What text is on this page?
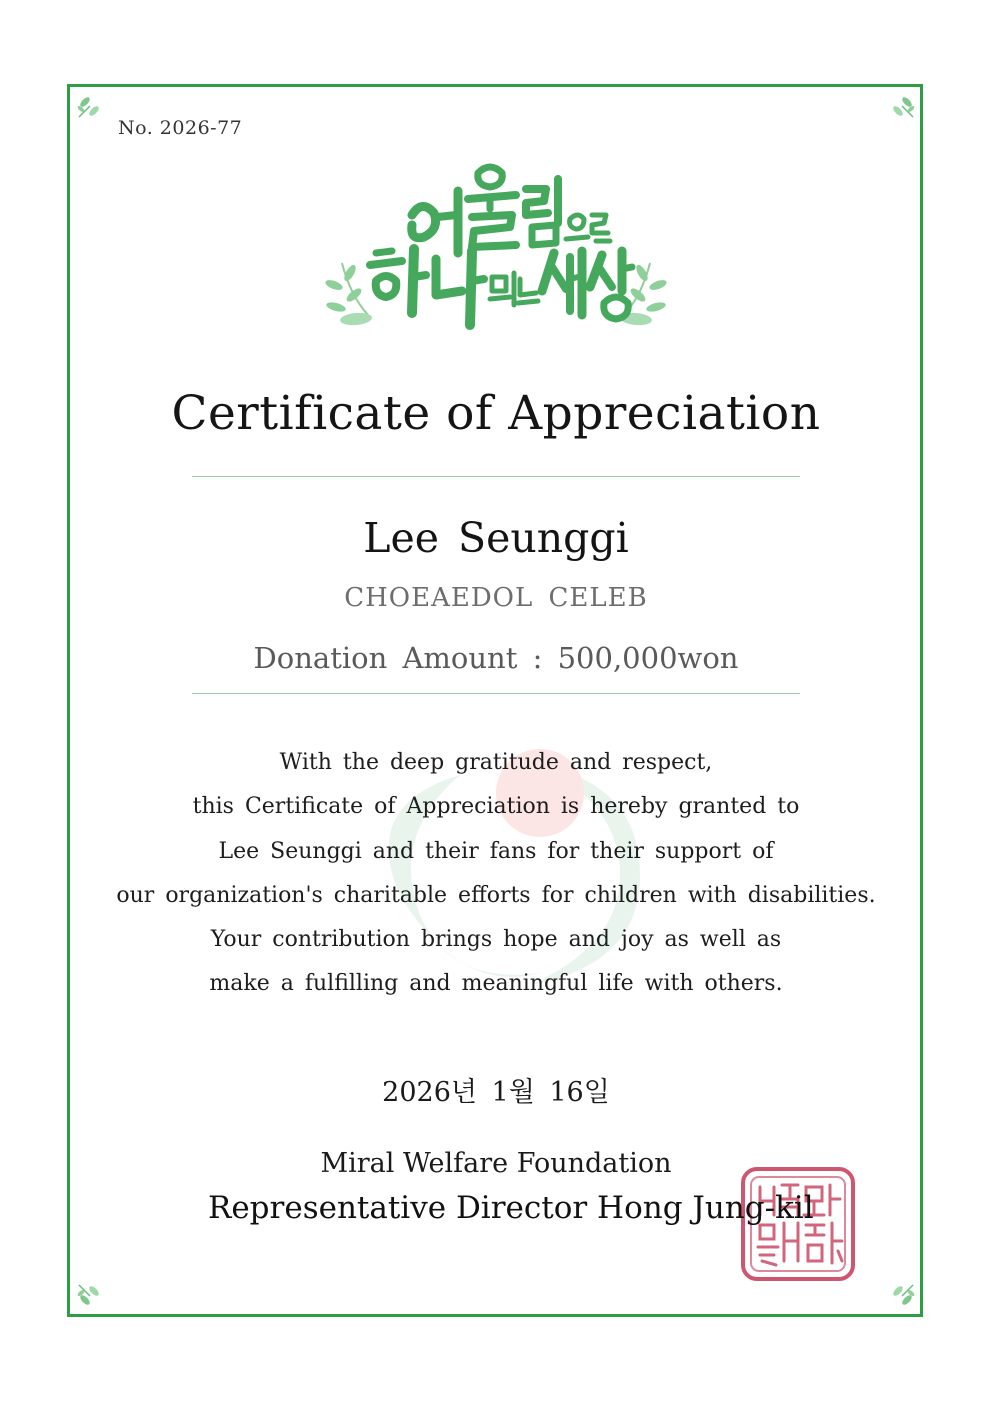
No. 2026-77
Certificate of Appreciation
Lee Seunggi
CHOEAEDOL CELEB
Donation Amount : 500,000won
With the deep gratitude and respect,
this Certificate of Appreciation is hereby granted to
Lee Seunggi and their fans for their support of
our organization's charitable efforts for children with disabilities.
Your contribution brings hope and joy as well as
make a fulfilling and meaningful life with others.
2026년 1월 16일
Miral Welfare Foundation
Representative Director Hong Jung-kil
